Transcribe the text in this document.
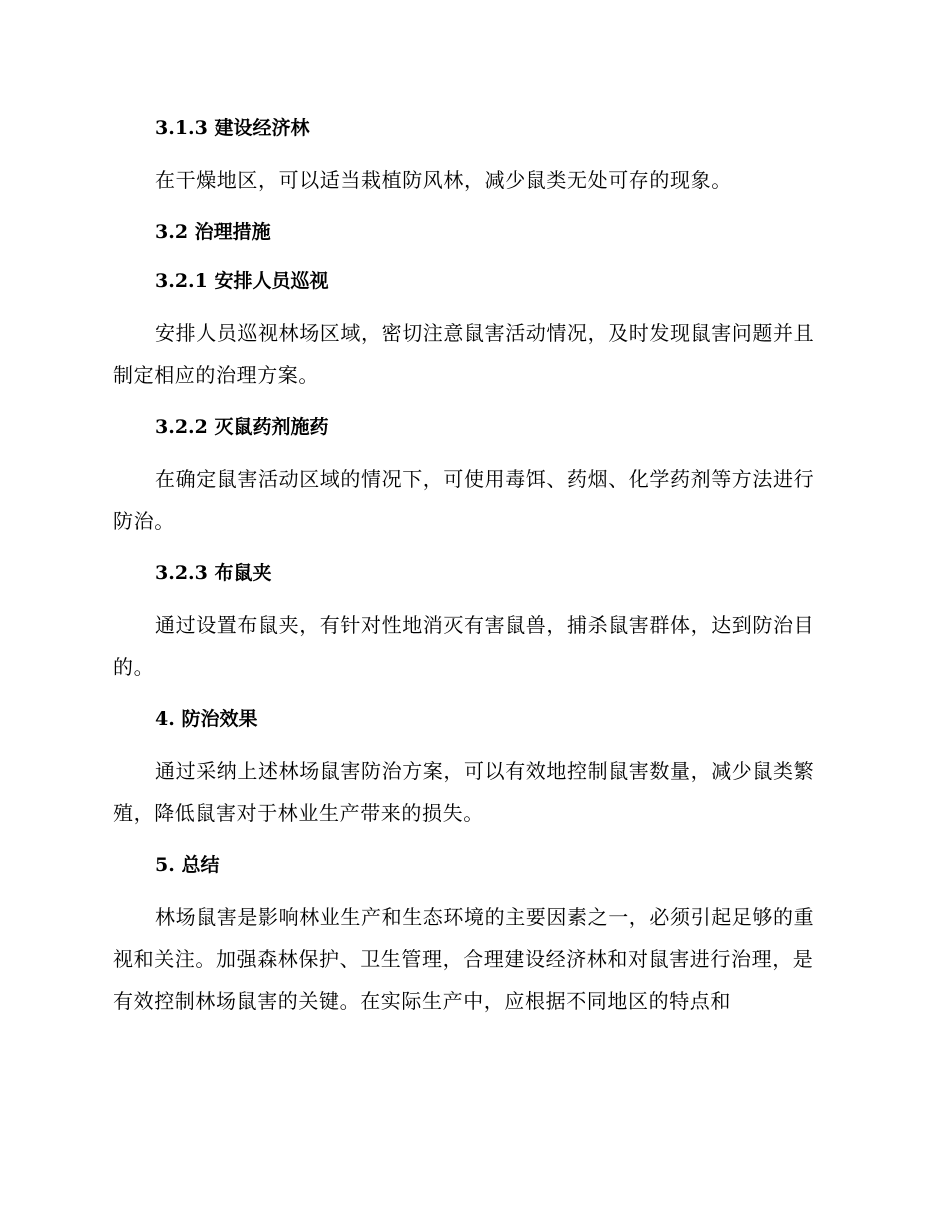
3.1.3 建设经济林

在干燥地区，可以适当栽植防风林，减少鼠类无处可存的现象。

3.2 治理措施
3.2.1 安排人员巡视

安排人员巡视林场区域，密切注意鼠害活动情况，及时发现鼠害问题并且制定相应的治理方案。

3.2.2 灭鼠药剂施药

在确定鼠害活动区域的情况下，可使用毒饵、药烟、化学药剂等方法进行防治。

3.2.3 布鼠夹

通过设置布鼠夹，有针对性地消灭有害鼠兽，捕杀鼠害群体，达到防治目的。

4. 防治效果

通过采纳上述林场鼠害防治方案，可以有效地控制鼠害数量，减少鼠类繁殖，降低鼠害对于林业生产带来的损失。

5. 总结

林场鼠害是影响林业生产和生态环境的主要因素之一，必须引起足够的重视和关注。加强森林保护、卫生管理，合理建设经济林和对鼠害进行治理，是有效控制林场鼠害的关键。在实际生产中，应根据不同地区的特点和
